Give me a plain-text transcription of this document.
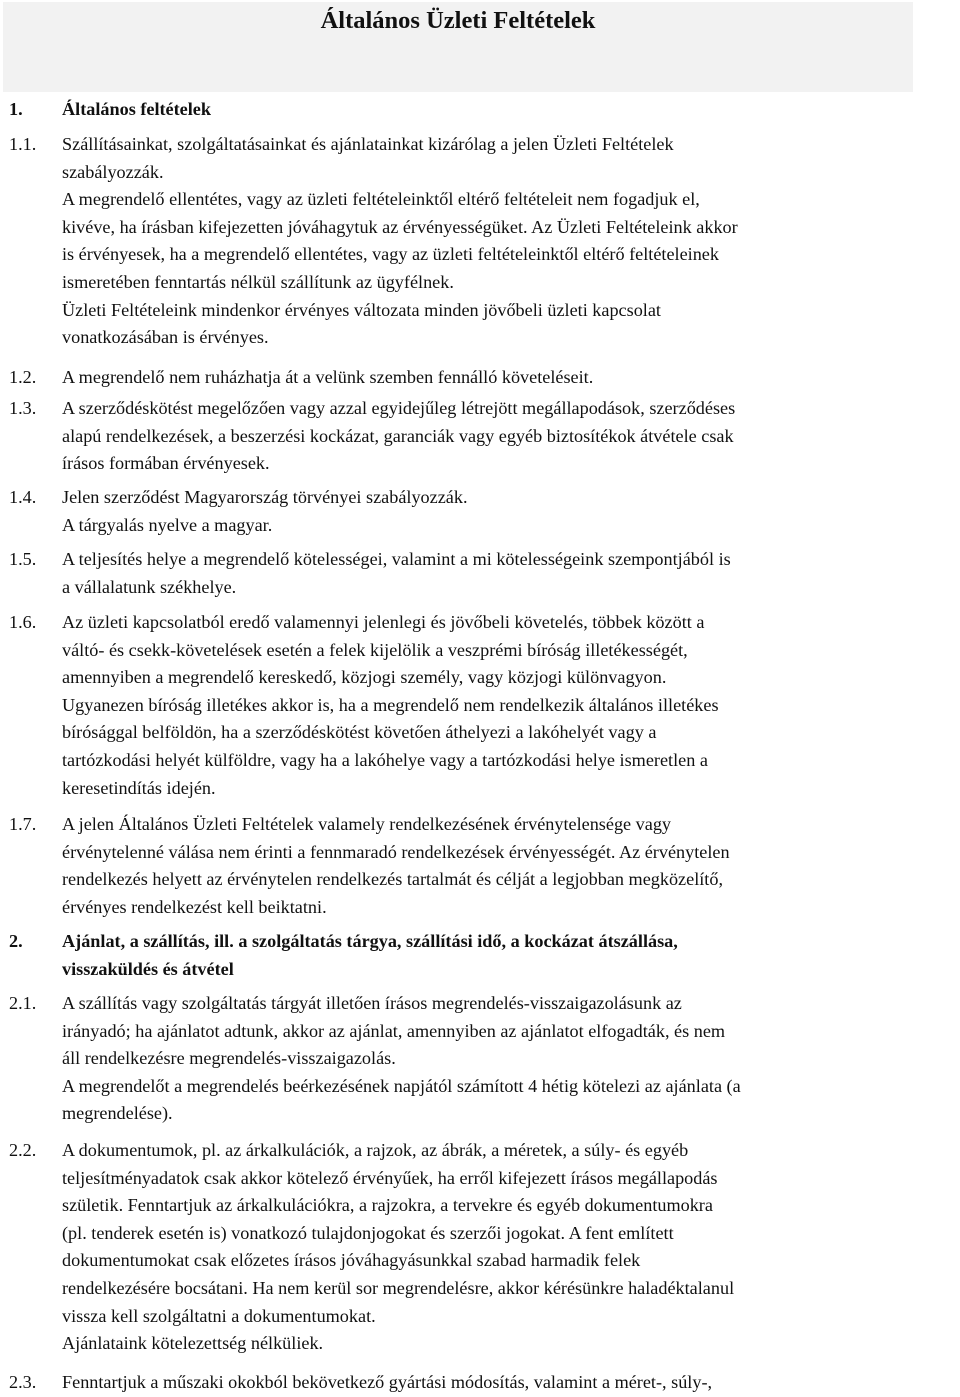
Általános Üzleti Feltételek
1. Általános feltételek

1.1. Szállításainkat, szolgáltatásainkat és ajánlatainkat kizárólag a jelen Üzleti Feltételek

szabályozzák.

A megrendelő ellentétes, vagy az üzleti feltételeinktől eltérő feltételeit nem fogadjuk el,

kivéve, ha írásban kifejezetten jóváhagytuk az érvényességüket. Az Üzleti Feltételeink akkor

is érvényesek, ha a megrendelő ellentétes, vagy az üzleti feltételeinktől eltérő feltételeinek

ismeretében fenntartás nélkül szállítunk az ügyfélnek.

Üzleti Feltételeink mindenkor érvényes változata minden jövőbeli üzleti kapcsolat

vonatkozásában is érvényes.

1.2. A megrendelő nem ruházhatja át a velünk szemben fennálló követeléseit.

1.3. A szerződéskötést megelőzően vagy azzal egyidejűleg létrejött megállapodások, szerződéses

alapú rendelkezések, a beszerzési kockázat, garanciák vagy egyéb biztosítékok átvétele csak

írásos formában érvényesek.

1.4. Jelen szerződést Magyarország törvényei szabályozzák.

A tárgyalás nyelve a magyar.

1.5. A teljesítés helye a megrendelő kötelességei, valamint a mi kötelességeink szempontjából is

a vállalatunk székhelye.

1.6. Az üzleti kapcsolatból eredő valamennyi jelenlegi és jövőbeli követelés, többek között a

váltó- és csekk-követelések esetén a felek kijelölik a veszprémi bíróság illetékességét,

amennyiben a megrendelő kereskedő, közjogi személy, vagy közjogi különvagyon.

Ugyanezen bíróság illetékes akkor is, ha a megrendelő nem rendelkezik általános illetékes

bírósággal belföldön, ha a szerződéskötést követően áthelyezi a lakóhelyét vagy a

tartózkodási helyét külföldre, vagy ha a lakóhelye vagy a tartózkodási helye ismeretlen a

keresetindítás idején.

1.7. A jelen Általános Üzleti Feltételek valamely rendelkezésének érvénytelensége vagy

érvénytelenné válása nem érinti a fennmaradó rendelkezések érvényességét. Az érvénytelen

rendelkezés helyett az érvénytelen rendelkezés tartalmát és célját a legjobban megközelítő,

érvényes rendelkezést kell beiktatni.

2. Ajánlat, a szállítás, ill. a szolgáltatás tárgya, szállítási idő, a kockázat átszállása,

visszaküldés és átvétel

2.1. A szállítás vagy szolgáltatás tárgyát illetően írásos megrendelés-visszaigazolásunk az

irányadó; ha ajánlatot adtunk, akkor az ajánlat, amennyiben az ajánlatot elfogadták, és nem

áll rendelkezésre megrendelés-visszaigazolás.

A megrendelőt a megrendelés beérkezésének napjától számított 4 hétig kötelezi az ajánlata (a

megrendelése).

2.2. A dokumentumok, pl. az árkalkulációk, a rajzok, az ábrák, a méretek, a súly- és egyéb

teljesítményadatok csak akkor kötelező érvényűek, ha erről kifejezett írásos megállapodás

születik. Fenntartjuk az árkalkulációkra, a rajzokra, a tervekre és egyéb dokumentumokra

(pl. tenderek esetén is) vonatkozó tulajdonjogokat és szerzői jogokat. A fent említett

dokumentumokat csak előzetes írásos jóváhagyásunkkal szabad harmadik felek

rendelkezésére bocsátani. Ha nem kerül sor megrendelésre, akkor kérésünkre haladéktalanul

vissza kell szolgáltatni a dokumentumokat.

Ajánlataink kötelezettség nélküliek.

2.3. Fenntartjuk a műszaki okokból bekövetkező gyártási módosítás, valamint a méret-, súly-,
